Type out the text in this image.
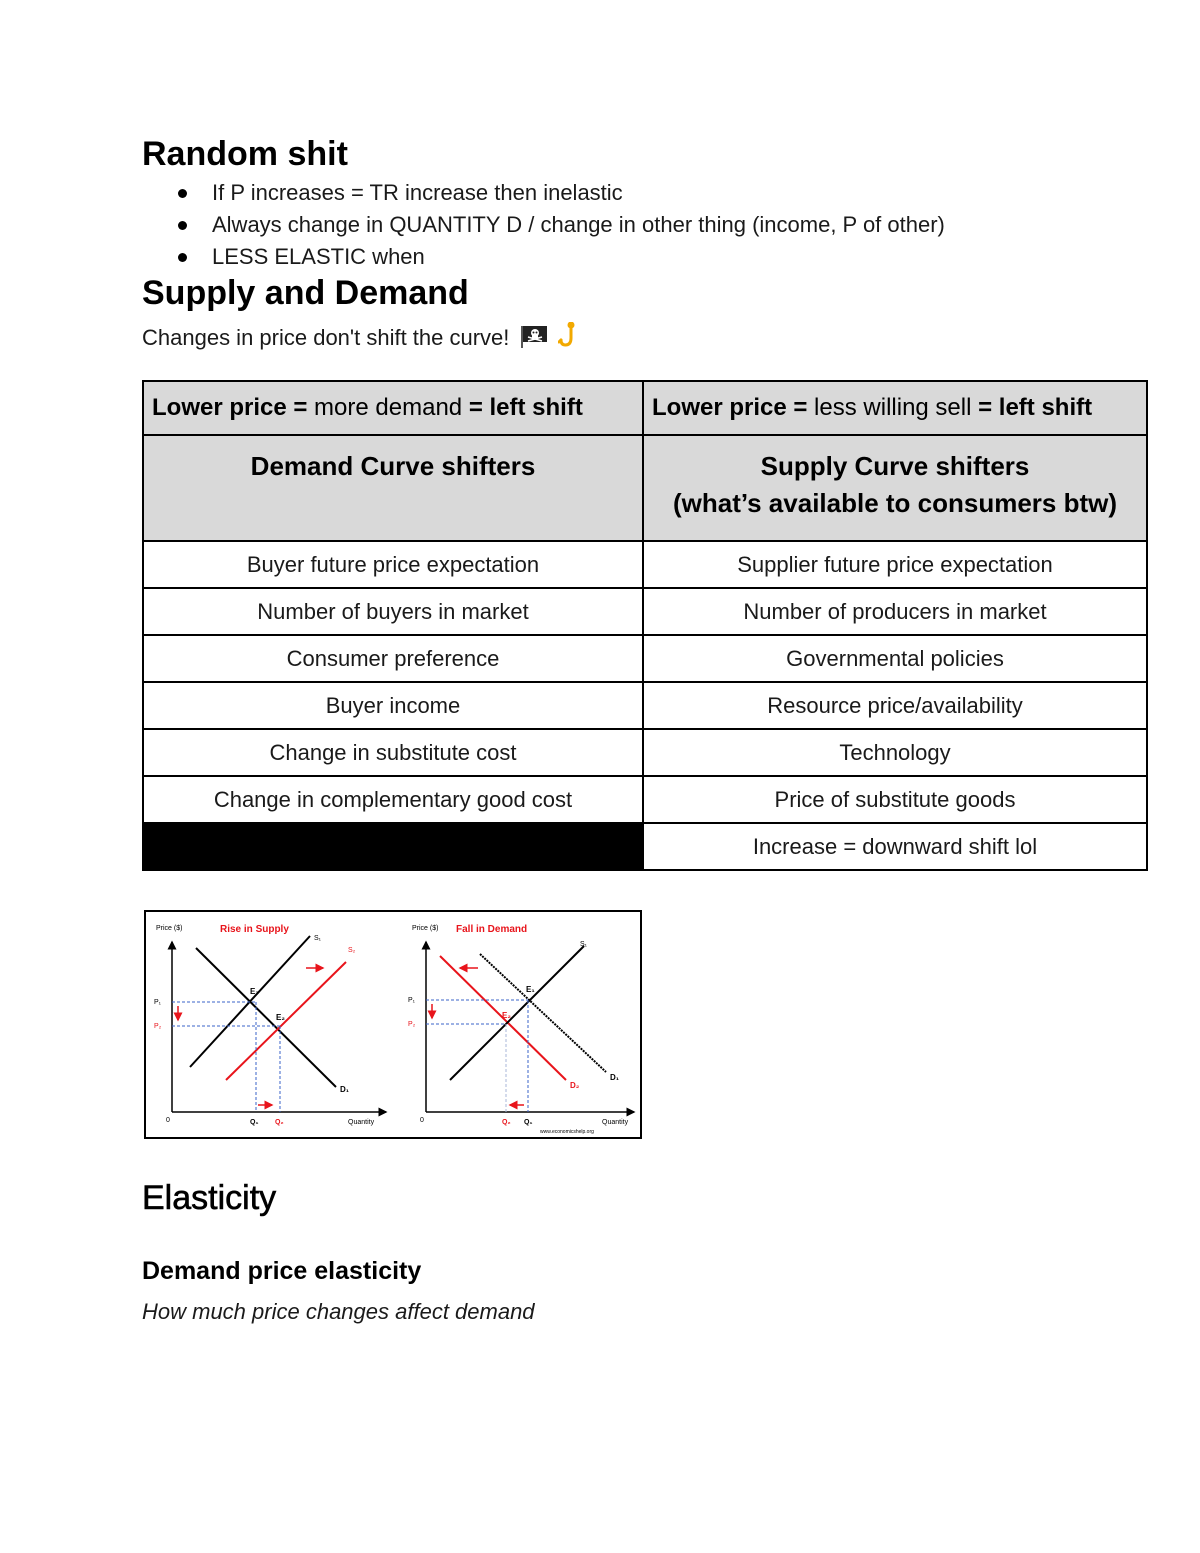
Random shit
If P increases = TR increase then inelastic
Always change in QUANTITY D / change in other thing (income, P of other)
LESS ELASTIC when
Supply and Demand
Changes in price don't shift the curve!
Lower price = more demand = left shift	Lower price = less willing sell = left shift
Demand Curve shifters	Supply Curve shifters
(what’s available to consumers btw)

Buyer future price expectation	Supplier future price expectation
Number of buyers in market	Number of producers in market
Consumer preference	Governmental policies
Buyer income	Resource price/availability
Change in substitute cost	Technology
Change in complementary good cost	Price of substitute goods
	Increase = downward shift lol
Price ($)	Rise in Supply
0	Quantity
D₁
S₁
S₂
E₁
E₂
P₁
P₂
Q₁ Q₂
Price ($) Fall in Demand
0	Quantity
D₁
D₂
S₁
E₁
E₂
P₁
P₂
Q₂ Q₁
www.economicshelp.org
Elasticity
Demand price elasticity
How much price changes affect demand
